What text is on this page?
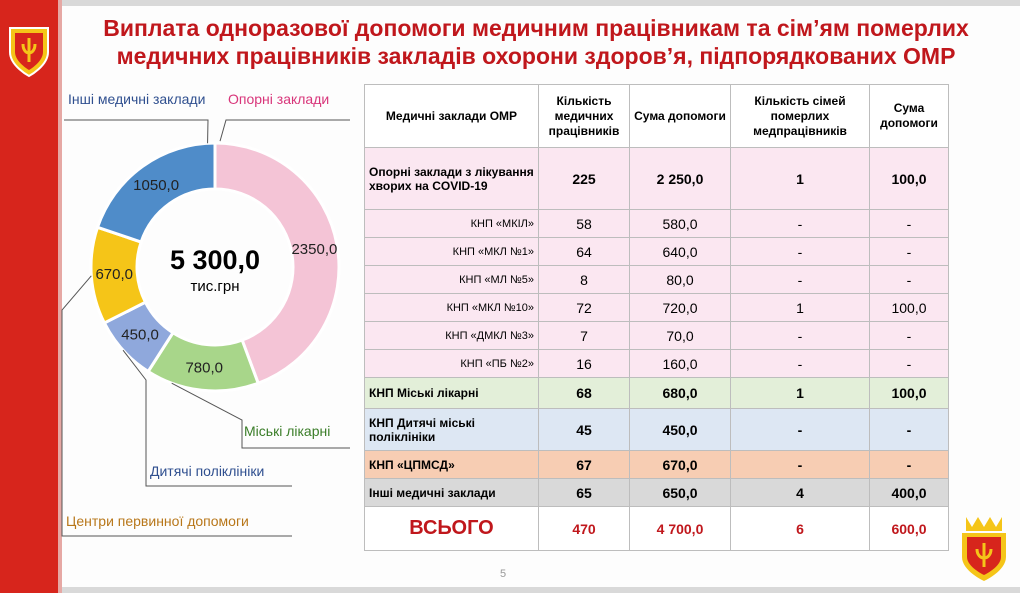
Виплата одноразової допомоги медичним працівникам та сім’ям померлих
медичних працівників закладів охорони здоров’я, підпорядкованих ОМР
2350,0
780,0
450,0
670,0
1050,0
5 300,0
тис.грн
Опорні заклади
Міські лікарні
Дитячі поліклініки
Центри первинної допомоги
Інші медичні заклади
Медичні заклади ОМР	Кількість медичних працівників	Сума допомоги	Кількість сімей померлих медпрацівників	Сума допомоги
Опорні заклади з лікування хворих на COVID-19	225	2 250,0	1	100,0
КНП «МКІЛ»	58	580,0	-	-
КНП «МКЛ №1»	64	640,0	-	-
КНП «МЛ №5»	8	80,0	-	-
КНП «МКЛ №10»	72	720,0	1	100,0
КНП «ДМКЛ №3»	7	70,0	-	-
КНП «ПБ №2»	16	160,0	-	-
КНП Міські лікарні	68	680,0	1	100,0
КНП Дитячі міські поліклініки	45	450,0	-	-
КНП «ЦПМСД»	67	670,0	-	-
Інші медичні заклади	65	650,0	4	400,0
ВСЬОГО	470	4 700,0	6	600,0
5
